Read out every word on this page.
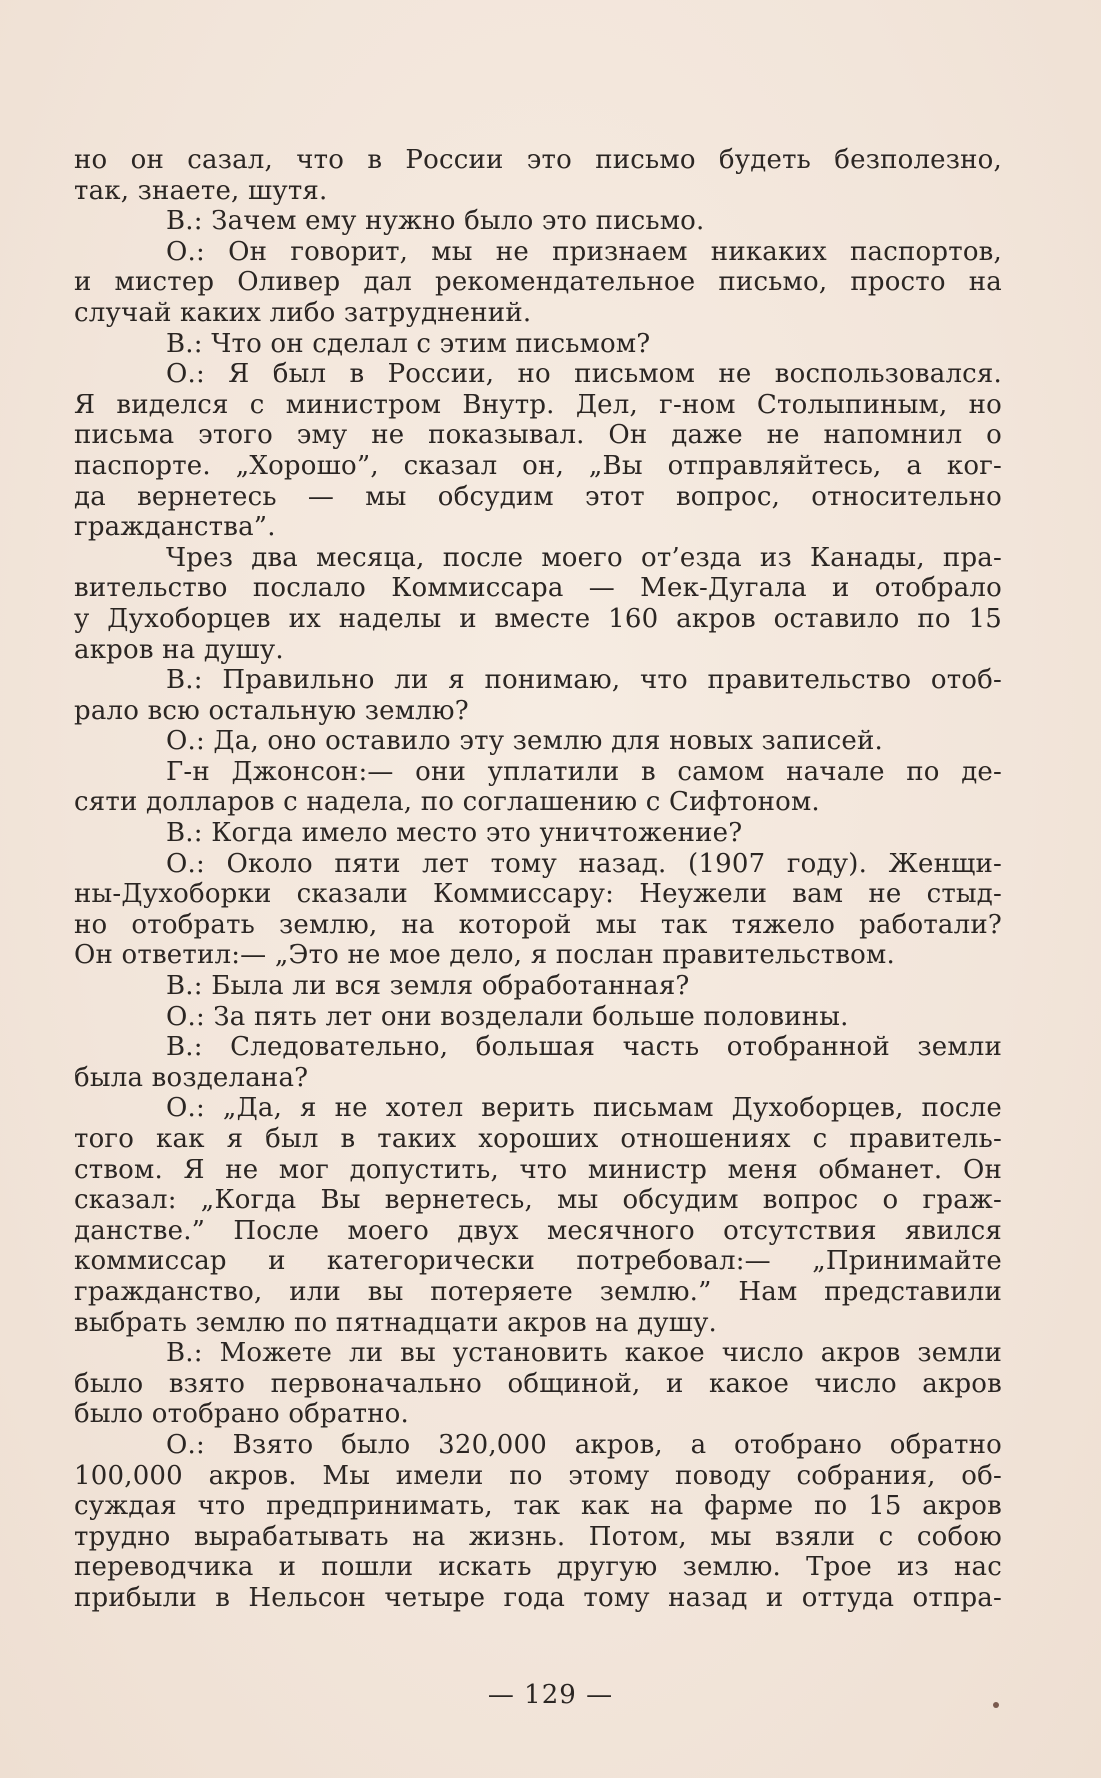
но он сазал, что в России это письмо будеть безполезно,
так, знаете, шутя.
В.: Зачем ему нужно было это письмо.
О.: Он говорит, мы не признаем никаких паспортов,
и мистер Оливер дал рекомендательное письмо, просто на
случай каких либо затруднений.
В.: Что он сделал с этим письмом?
О.: Я был в России, но письмом не воспользовался.
Я виделся с министром Внутр. Дел, г-ном Столыпиным, но
письма этого эму не показывал. Он даже не напомнил о
паспорте. „Хорошо”, сказал он, „Вы отправляйтесь, а ког-
да вернетесь — мы обсудим этот вопрос, относительно
гражданства”.
Чрез два месяца, после моего от’езда из Канады, пра-
вительство послало Коммиссара — Мек-Дугала и отобрало
у Духоборцев их наделы и вместе 160 акров оставило по 15
акров на душу.
В.: Правильно ли я понимаю, что правительство отоб-
рало всю остальную землю?
О.: Да, оно оставило эту землю для новых записей.
Г-н Джонсон:— они уплатили в самом начале по де-
сяти долларов с надела, по соглашению с Сифтоном.
В.: Когда имело место это уничтожение?
О.: Около пяти лет тому назад. (1907 году). Женщи-
ны-Духоборки сказали Коммиссару: Неужели вам не стыд-
но отобрать землю, на которой мы так тяжело работали?
Он ответил:— „Это не мое дело, я послан правительством.
В.: Была ли вся земля обработанная?
О.: За пять лет они возделали больше половины.
В.: Следовательно, большая часть отобранной земли
была возделана?
О.: „Да, я не хотел верить письмам Духоборцев, после
того как я был в таких хороших отношениях с правитель-
ством. Я не мог допустить, что министр меня обманет. Он
сказал: „Когда Вы вернетесь, мы обсудим вопрос о граж-
данстве.” После моего двух месячного отсутствия явился
коммиссар и категорически потребовал:— „Принимайте
гражданство, или вы потеряете землю.” Нам представили
выбрать землю по пятнадцати акров на душу.
В.: Можете ли вы установить какое число акров земли
было взято первоначально общиной, и какое число акров
было отобрано обратно.
О.: Взято было 320,000 акров, а отобрано обратно
100,000 акров. Мы имели по этому поводу собрания, об-
суждая что предпринимать, так как на фарме по 15 акров
трудно вырабатывать на жизнь. Потом, мы взяли с собою
переводчика и пошли искать другую землю. Трое из нас
прибыли в Нельсон четыре года тому назад и оттуда отпра-
— 129 —
